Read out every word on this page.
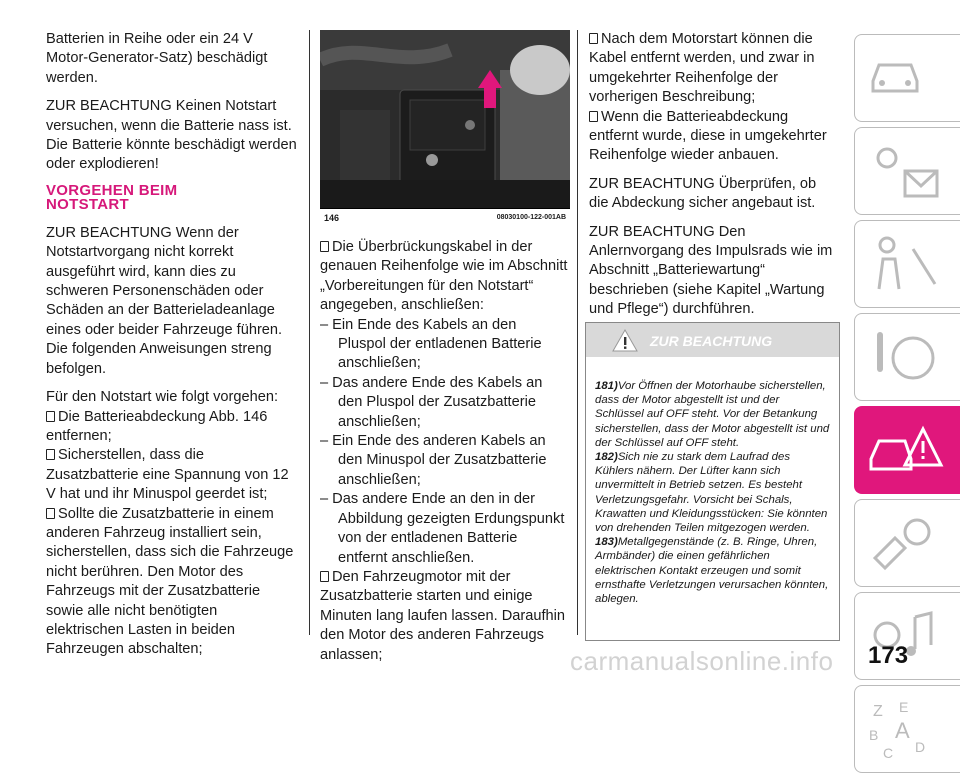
Batterien in Reihe oder ein 24 V Motor-Generator-Satz) beschädigt werden.

ZUR BEACHTUNG Keinen Notstart versuchen, wenn die Batterie nass ist. Die Batterie könnte beschädigt werden oder explodieren!

VORGEHEN BEIM
NOTSTART

ZUR BEACHTUNG Wenn der Notstartvorgang nicht korrekt ausgeführt wird, kann dies zu schweren Personenschäden oder Schäden an der Batterieladeanlage eines oder beider Fahrzeuge führen. Die folgenden Anweisungen streng befolgen.

Für den Notstart wie folgt vorgehen:

Die Batterieabdeckung Abb. 146 entfernen;

Sicherstellen, dass die Zusatzbatterie eine Spannung von 12 V hat und ihr Minuspol geerdet ist;

Sollte die Zusatzbatterie in einem anderen Fahrzeug installiert sein, sicherstellen, dass sich die Fahrzeuge nicht berühren. Den Motor des Fahrzeugs mit der Zusatzbatterie sowie alle nicht benötigten elektrischen Lasten in beiden Fahrzeugen abschalten;

146	08030100-122-001AB

Die Überbrückungskabel in der genauen Reihenfolge wie im Abschnitt „Vorbereitungen für den Notstart“ angegeben, anschließen:

– Ein Ende des Kabels an den Pluspol der entladenen Batterie anschließen;

– Das andere Ende des Kabels an den Pluspol der Zusatzbatterie anschließen;

– Ein Ende des anderen Kabels an den Minuspol der Zusatzbatterie anschließen;

– Das andere Ende an den in der Abbildung gezeigten Erdungspunkt von der entladenen Batterie entfernt anschließen.

Den Fahrzeugmotor mit der Zusatzbatterie starten und einige Minuten lang laufen lassen. Daraufhin den Motor des anderen Fahrzeugs anlassen;

Nach dem Motorstart können die Kabel entfernt werden, und zwar in umgekehrter Reihenfolge der vorherigen Beschreibung;

Wenn die Batterieabdeckung entfernt wurde, diese in umgekehrter Reihenfolge wieder anbauen.

ZUR BEACHTUNG Überprüfen, ob die Abdeckung sicher angebaut ist.

ZUR BEACHTUNG Den Anlernvorgang des Impulsrads wie im Abschnitt „Batteriewartung“ beschrieben (siehe Kapitel „Wartung und Pflege“) durchführen.

ZUR BEACHTUNG

181)Vor Öffnen der Motorhaube sicherstellen, dass der Motor abgestellt ist und der Schlüssel auf OFF steht. Vor der Betankung sicherstellen, dass der Motor abgestellt ist und der Schlüssel auf OFF steht.

182)Sich nie zu stark dem Laufrad des Kühlers nähern. Der Lüfter kann sich unvermittelt in Betrieb setzen. Es besteht Verletzungsgefahr. Vorsicht bei Schals, Krawatten und Kleidungsstücken: Sie könnten von drehenden Teilen mitgezogen werden.

183)Metallgegenstände (z. B. Ringe, Uhren, Armbänder) die einen gefährlichen elektrischen Kontakt erzeugen und somit ernsthafte Verletzungen verursachen könnten, ablegen.

Z E
B A
C D
carmanualsonline.info 173
